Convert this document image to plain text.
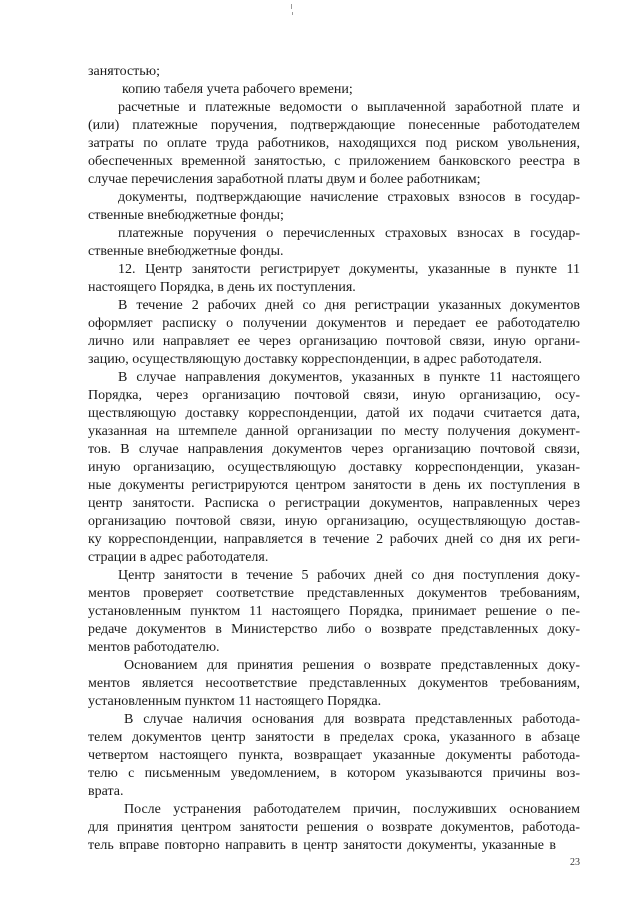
занятостью;
копию табеля учета рабочего времени;
расчетные и платежные ведомости о выплаченной заработной плате и
(или) платежные поручения, подтверждающие понесенные работодателем
затраты по оплате труда работников, находящихся под риском увольнения,
обеспеченных временной занятостью, с приложением банковского реестра в
случае перечисления заработной платы двум и более работникам;
документы, подтверждающие начисление страховых взносов в государ-
ственные внебюджетные фонды;
платежные поручения о перечисленных страховых взносах в государ-
ственные внебюджетные фонды.
12. Центр занятости регистрирует документы, указанные в пункте 11
настоящего Порядка, в день их поступления.
В течение 2 рабочих дней со дня регистрации указанных документов
оформляет расписку о получении документов и передает ее работодателю
лично или направляет ее через организацию почтовой связи, иную органи-
зацию, осуществляющую доставку корреспонденции, в адрес работодателя.
В случае направления документов, указанных в пункте 11 настоящего
Порядка, через организацию почтовой связи, иную организацию, осу-
ществляющую доставку корреспонденции, датой их подачи считается дата,
указанная на штемпеле данной организации по месту получения документ-
тов. В случае направления документов через организацию почтовой связи,
иную организацию, осуществляющую доставку корреспонденции, указан-
ные документы регистрируются центром занятости в день их поступления в
центр занятости. Расписка о регистрации документов, направленных через
организацию почтовой связи, иную организацию, осуществляющую достав-
ку корреспонденции, направляется в течение 2 рабочих дней со дня их реги-
страции в адрес работодателя.
Центр занятости в течение 5 рабочих дней со дня поступления доку-
ментов проверяет соответствие представленных документов требованиям,
установленным пунктом 11 настоящего Порядка, принимает решение о пе-
редаче документов в Министерство либо о возврате представленных доку-
ментов работодателю.
Основанием для принятия решения о возврате представленных доку-
ментов является несоответствие представленных документов требованиям,
установленным пунктом 11 настоящего Порядка.
В случае наличия основания для возврата представленных работода-
телем документов центр занятости в пределах срока, указанного в абзаце
четвертом настоящего пункта, возвращает указанные документы работода-
телю с письменным уведомлением, в котором указываются причины воз-
врата.
После устранения работодателем причин, послуживших основанием
для принятия центром занятости решения о возврате документов, работода-
тель вправе повторно направить в центр занятости документы, указанные в
23
